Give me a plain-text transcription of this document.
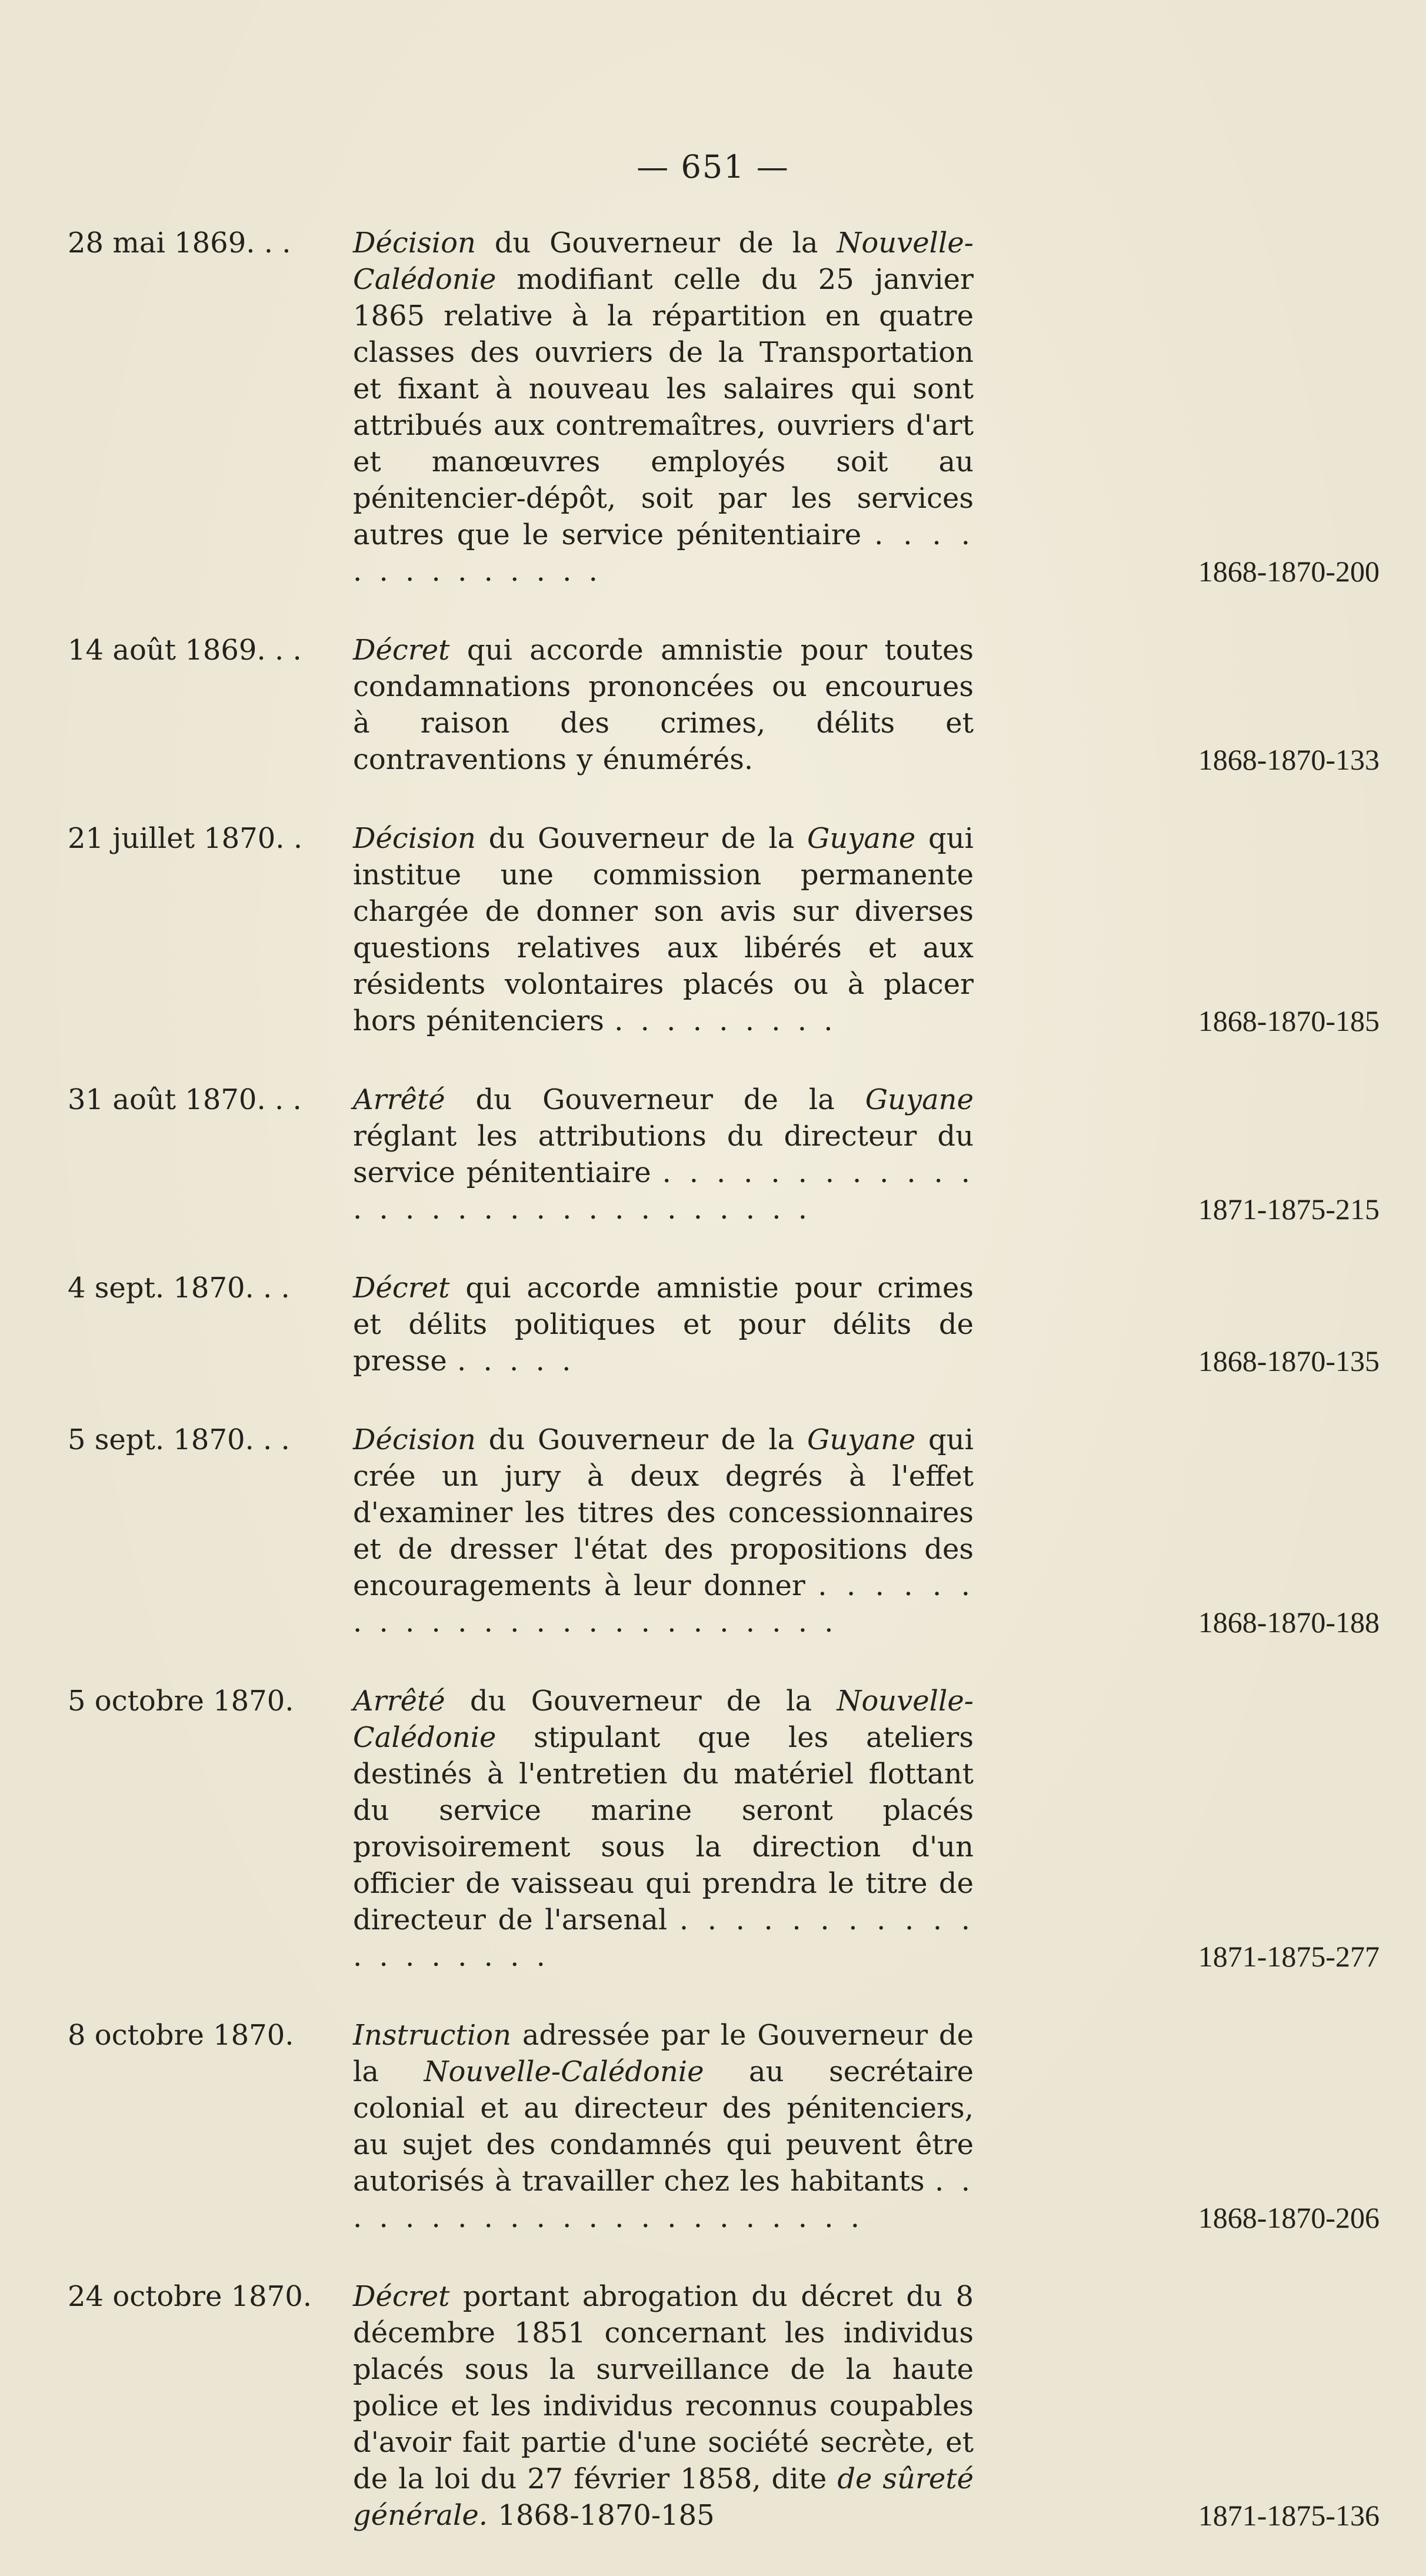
— 651 —
28 mai 1869. . .	Décision du Gouverneur de la Nouvelle-Calédonie modifiant celle du 25 janvier 1865 relative à la répartition en quatre classes des ouvriers de la Transportation et fixant à nouveau les salaires qui sont attribués aux contremaîtres, ouvriers d'art et manœuvres employés soit au pénitencier-dépôt, soit par les services autres que le service pénitentiaire . . . . . . . . . . . . . .	1868-1870-200
14 août 1869. . .	Décret qui accorde amnistie pour toutes condamnations prononcées ou encourues à raison des crimes, délits et contraventions y énumérés.	1868-1870-133
21 juillet 1870. .	Décision du Gouverneur de la Guyane qui institue une commission permanente chargée de donner son avis sur diverses questions relatives aux libérés et aux résidents volontaires placés ou à placer hors pénitenciers . . . . . . . . .	1868-1870-185
31 août 1870. . .	Arrêté du Gouverneur de la Guyane réglant les attributions du directeur du service pénitentiaire . . . . . . . . . . . . . . . . . . . . . . . . . . . . . .	1871-1875-215
4 sept. 1870. . .	Décret qui accorde amnistie pour crimes et délits politiques et pour délits de presse . . . . .	1868-1870-135
5 sept. 1870. . .	Décision du Gouverneur de la Guyane qui crée un jury à deux degrés à l'effet d'examiner les titres des concessionnaires et de dresser l'état des propositions des encouragements à leur donner . . . . . . . . . . . . . . . . . . . . . . . . .	1868-1870-188
5 octobre 1870.	Arrêté du Gouverneur de la Nouvelle-Calédonie stipulant que les ateliers destinés à l'entretien du matériel flottant du service marine seront placés provisoirement sous la direction d'un officier de vaisseau qui prendra le titre de directeur de l'arsenal . . . . . . . . . . . . . . . . . . .	1871-1875-277
8 octobre 1870.	Instruction adressée par le Gouverneur de la Nouvelle-Calédonie au secrétaire colonial et au directeur des pénitenciers, au sujet des condamnés qui peuvent être autorisés à travailler chez les habitants . . . . . . . . . . . . . . . . . . . . . .	1868-1870-206
24 octobre 1870.	Décret portant abrogation du décret du 8 décembre 1851 concernant les individus placés sous la surveillance de la haute police et les individus reconnus coupables d'avoir fait partie d'une société secrète, et de la loi du 27 février 1858, dite de sûreté générale. 1868-1870-185	1871-1875-136
